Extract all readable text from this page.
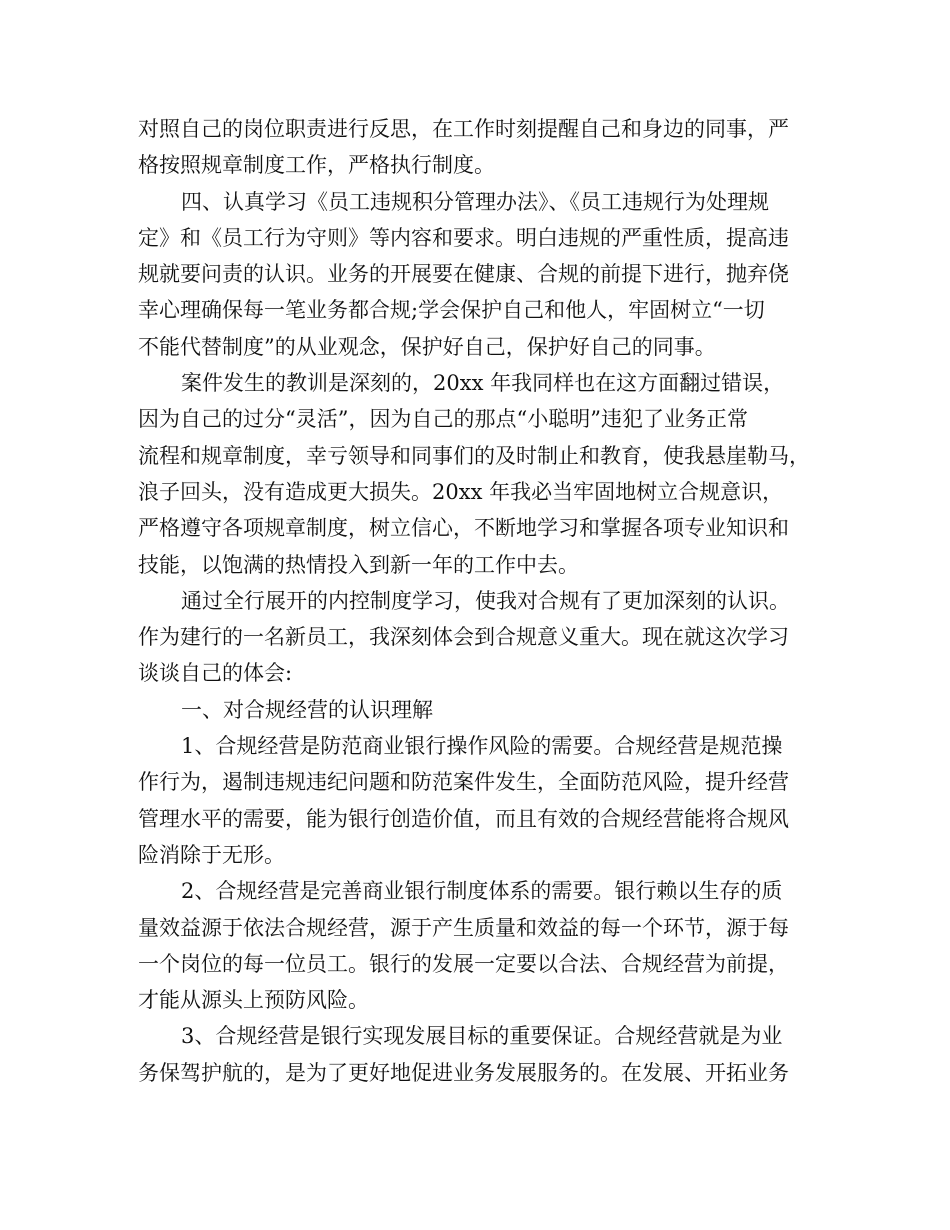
对照自己的岗位职责进行反思，在工作时刻提醒自己和身边的同事，严
格按照规章制度工作，严格执行制度。
四、认真学习《员工违规积分管理办法》、《员工违规行为处理规
定》和《员工行为守则》等内容和要求。明白违规的严重性质，提高违
规就要问责的认识。业务的开展要在健康、合规的前提下进行，抛弃侥
幸心理确保每一笔业务都合规;学会保护自己和他人，牢固树立“一切
不能代替制度”的从业观念，保护好自己，保护好自己的同事。
案件发生的教训是深刻的，20xx 年我同样也在这方面翻过错误，
因为自己的过分“灵活”，因为自己的那点“小聪明”违犯了业务正常
流程和规章制度，幸亏领导和同事们的及时制止和教育，使我悬崖勒马，
浪子回头，没有造成更大损失。20xx 年我必当牢固地树立合规意识，
严格遵守各项规章制度，树立信心，不断地学习和掌握各项专业知识和
技能，以饱满的热情投入到新一年的工作中去。
通过全行展开的内控制度学习，使我对合规有了更加深刻的认识。
作为建行的一名新员工，我深刻体会到合规意义重大。现在就这次学习
谈谈自己的体会:
一、对合规经营的认识理解
1、合规经营是防范商业银行操作风险的需要。合规经营是规范操
作行为，遏制违规违纪问题和防范案件发生，全面防范风险，提升经营
管理水平的需要，能为银行创造价值，而且有效的合规经营能将合规风
险消除于无形。
2、合规经营是完善商业银行制度体系的需要。银行赖以生存的质
量效益源于依法合规经营，源于产生质量和效益的每一个环节，源于每
一个岗位的每一位员工。银行的发展一定要以合法、合规经营为前提，
才能从源头上预防风险。
3、合规经营是银行实现发展目标的重要保证。合规经营就是为业
务保驾护航的，是为了更好地促进业务发展服务的。在发展、开拓业务
